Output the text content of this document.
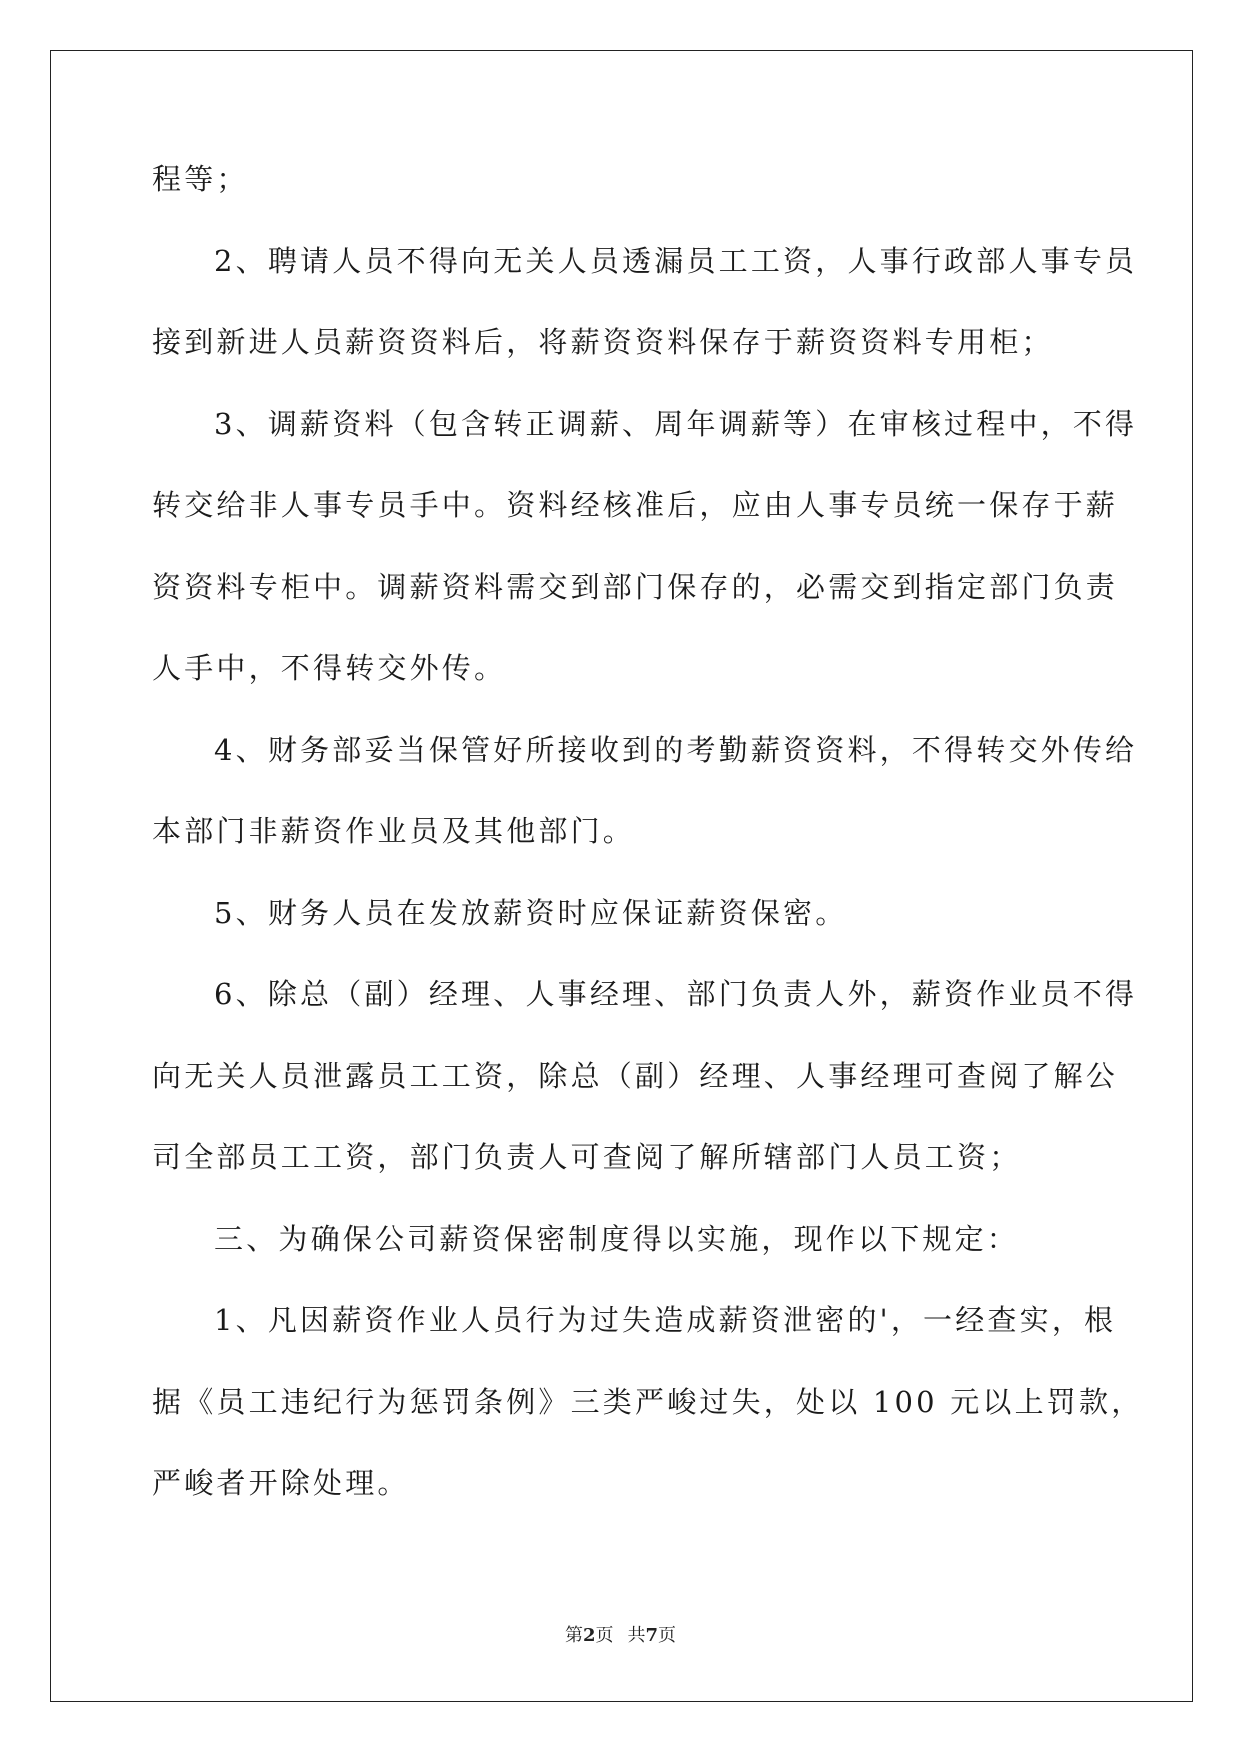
程等；
2、聘请人员不得向无关人员透漏员工工资，人事行政部人事专员
接到新进人员薪资资料后，将薪资资料保存于薪资资料专用柜；
3、调薪资料（包含转正调薪、周年调薪等）在审核过程中，不得
转交给非人事专员手中。资料经核准后，应由人事专员统一保存于薪
资资料专柜中。调薪资料需交到部门保存的，必需交到指定部门负责
人手中，不得转交外传。
4、财务部妥当保管好所接收到的考勤薪资资料，不得转交外传给
本部门非薪资作业员及其他部门。
5、财务人员在发放薪资时应保证薪资保密。
6、除总（副）经理、人事经理、部门负责人外，薪资作业员不得
向无关人员泄露员工工资，除总（副）经理、人事经理可查阅了解公
司全部员工工资，部门负责人可查阅了解所辖部门人员工资；
三、为确保公司薪资保密制度得以实施，现作以下规定：
1、凡因薪资作业人员行为过失造成薪资泄密的'，一经查实，根
据《员工违纪行为惩罚条例》三类严峻过失，处以 100 元以上罚款，
严峻者开除处理。
第2页 共7页
